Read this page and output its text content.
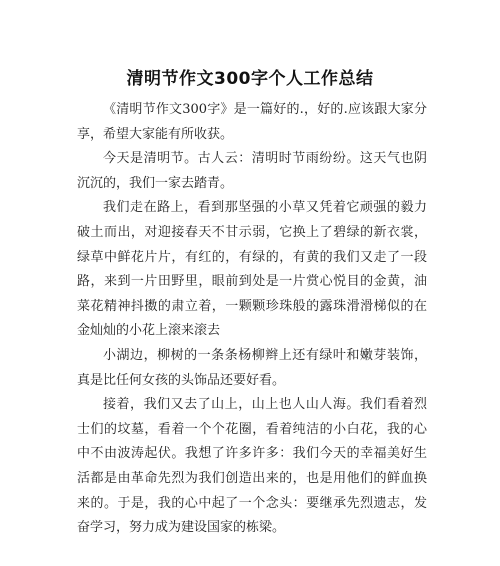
清明节作文300字个人工作总结

《清明节作文300字》是一篇好的.，好的.应该跟大家分享，希望大家能有所收获。

今天是清明节。古人云：清明时节雨纷纷。这天气也阴沉沉的，我们一家去踏青。

我们走在路上，看到那坚强的小草又凭着它顽强的毅力破土而出，对迎接春天不甘示弱，它换上了碧绿的新衣裳，绿草中鲜花片片，有红的，有绿的，有黄的我们又走了一段路，来到一片田野里，眼前到处是一片赏心悦目的金黄，油菜花精神抖擞的肃立着，一颗颗珍珠般的露珠滑滑梯似的在金灿灿的小花上滚来滚去

小湖边，柳树的一条条杨柳辫上还有绿叶和嫩芽装饰，真是比任何女孩的头饰品还要好看。

接着，我们又去了山上，山上也人山人海。我们看着烈士们的坟墓，看着一个个花圈，看着纯洁的小白花，我的心中不由波涛起伏。我想了许多许多：我们今天的幸福美好生活都是由革命先烈为我们创造出来的，也是用他们的鲜血换来的。于是，我的心中起了一个念头：要继承先烈遗志，发奋学习，努力成为建设国家的栋梁。
